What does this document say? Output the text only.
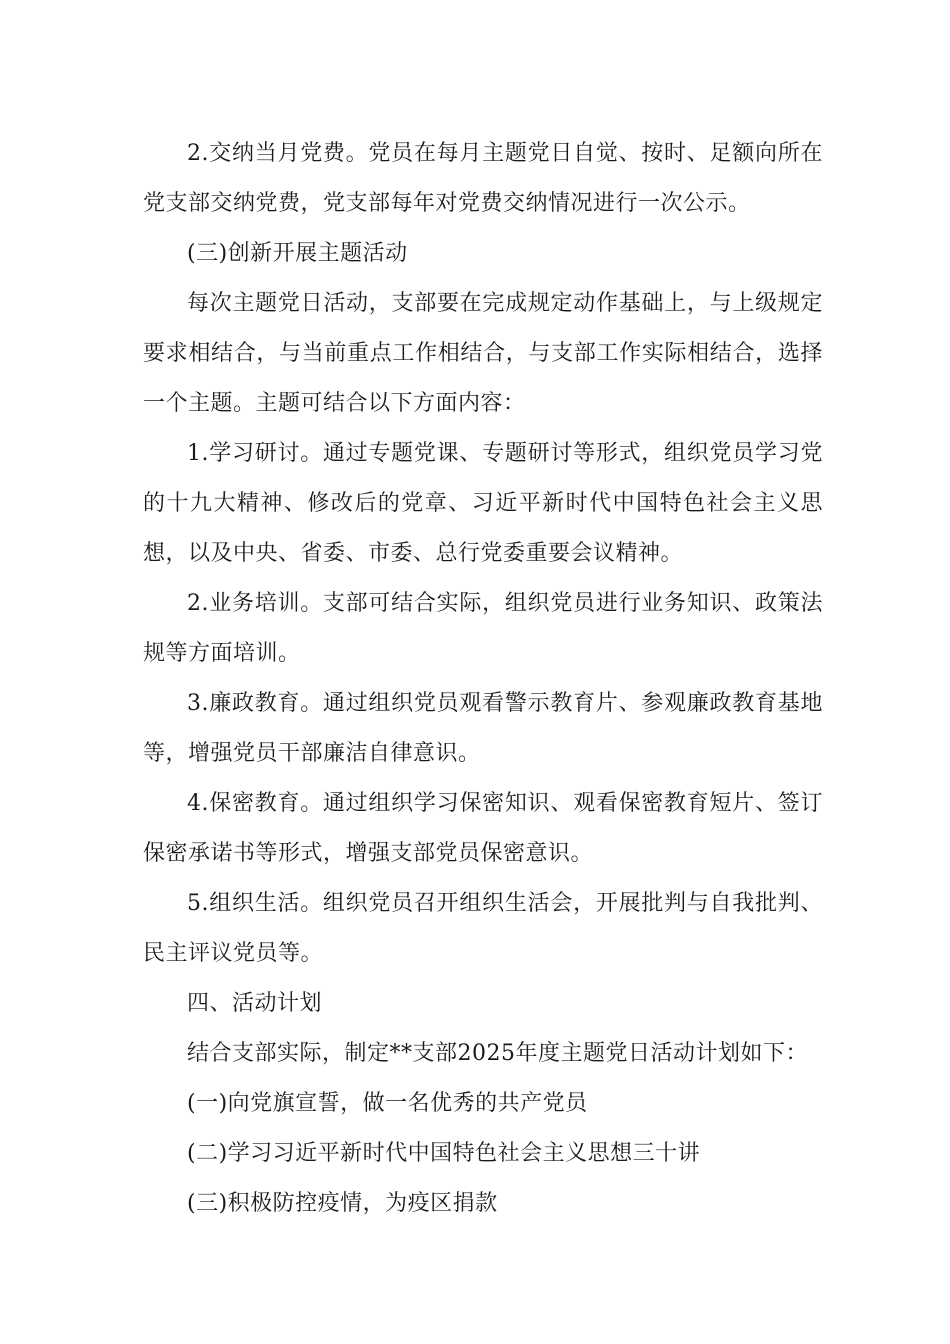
2.交纳当月党费。党员在每月主题党日自觉、按时、足额向所在党支部交纳党费，党支部每年对党费交纳情况进行一次公示。

(三)创新开展主题活动

每次主题党日活动，支部要在完成规定动作基础上，与上级规定要求相结合，与当前重点工作相结合，与支部工作实际相结合，选择一个主题。主题可结合以下方面内容：

1.学习研讨。通过专题党课、专题研讨等形式，组织党员学习党的十九大精神、修改后的党章、习近平新时代中国特色社会主义思想，以及中央、省委、市委、总行党委重要会议精神。

2.业务培训。支部可结合实际，组织党员进行业务知识、政策法规等方面培训。

3.廉政教育。通过组织党员观看警示教育片、参观廉政教育基地等，增强党员干部廉洁自律意识。

4.保密教育。通过组织学习保密知识、观看保密教育短片、签订保密承诺书等形式，增强支部党员保密意识。

5.组织生活。组织党员召开组织生活会，开展批判与自我批判、民主评议党员等。

四、活动计划

结合支部实际，制定**支部2025年度主题党日活动计划如下：

(一)向党旗宣誓，做一名优秀的共产党员

(二)学习习近平新时代中国特色社会主义思想三十讲

(三)积极防控疫情，为疫区捐款
